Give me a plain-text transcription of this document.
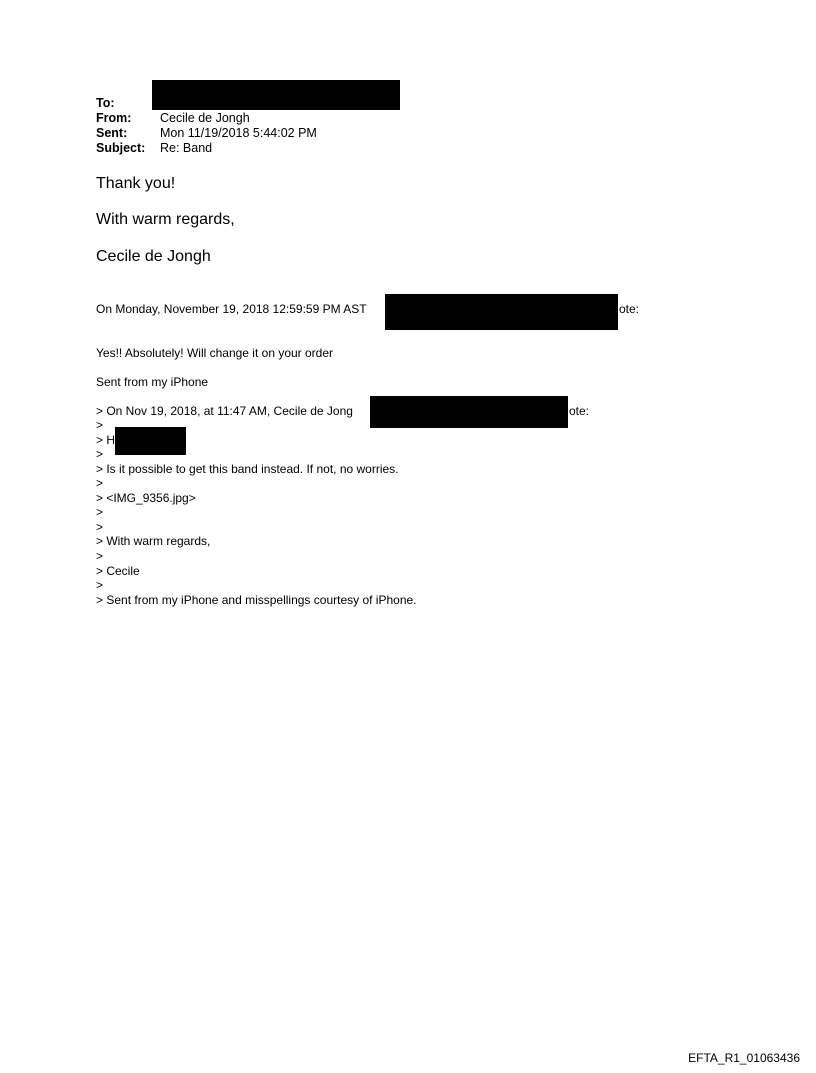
To:
From: Cecile de Jongh
Sent:	Mon 11/19/2018 5:44:02 PM
Subject: Re: Band
Thank you!
With warm regards,
Cecile de Jongh
On Monday, November 19, 2018 12:59:59 PM AST	ote:
Yes!! Absolutely! Will change it on your order
Sent from my iPhone
> On Nov 19, 2018, at 11:47 AM, Cecile de Jong	ote:
>
> H
>
> Is it possible to get this band instead. If not, no worries.
>
> <IMG_9356.jpg>
>
>
> With warm regards,
>
> Cecile
>
> Sent from my iPhone and misspellings courtesy of iPhone.
EFTA_R1_01063436
